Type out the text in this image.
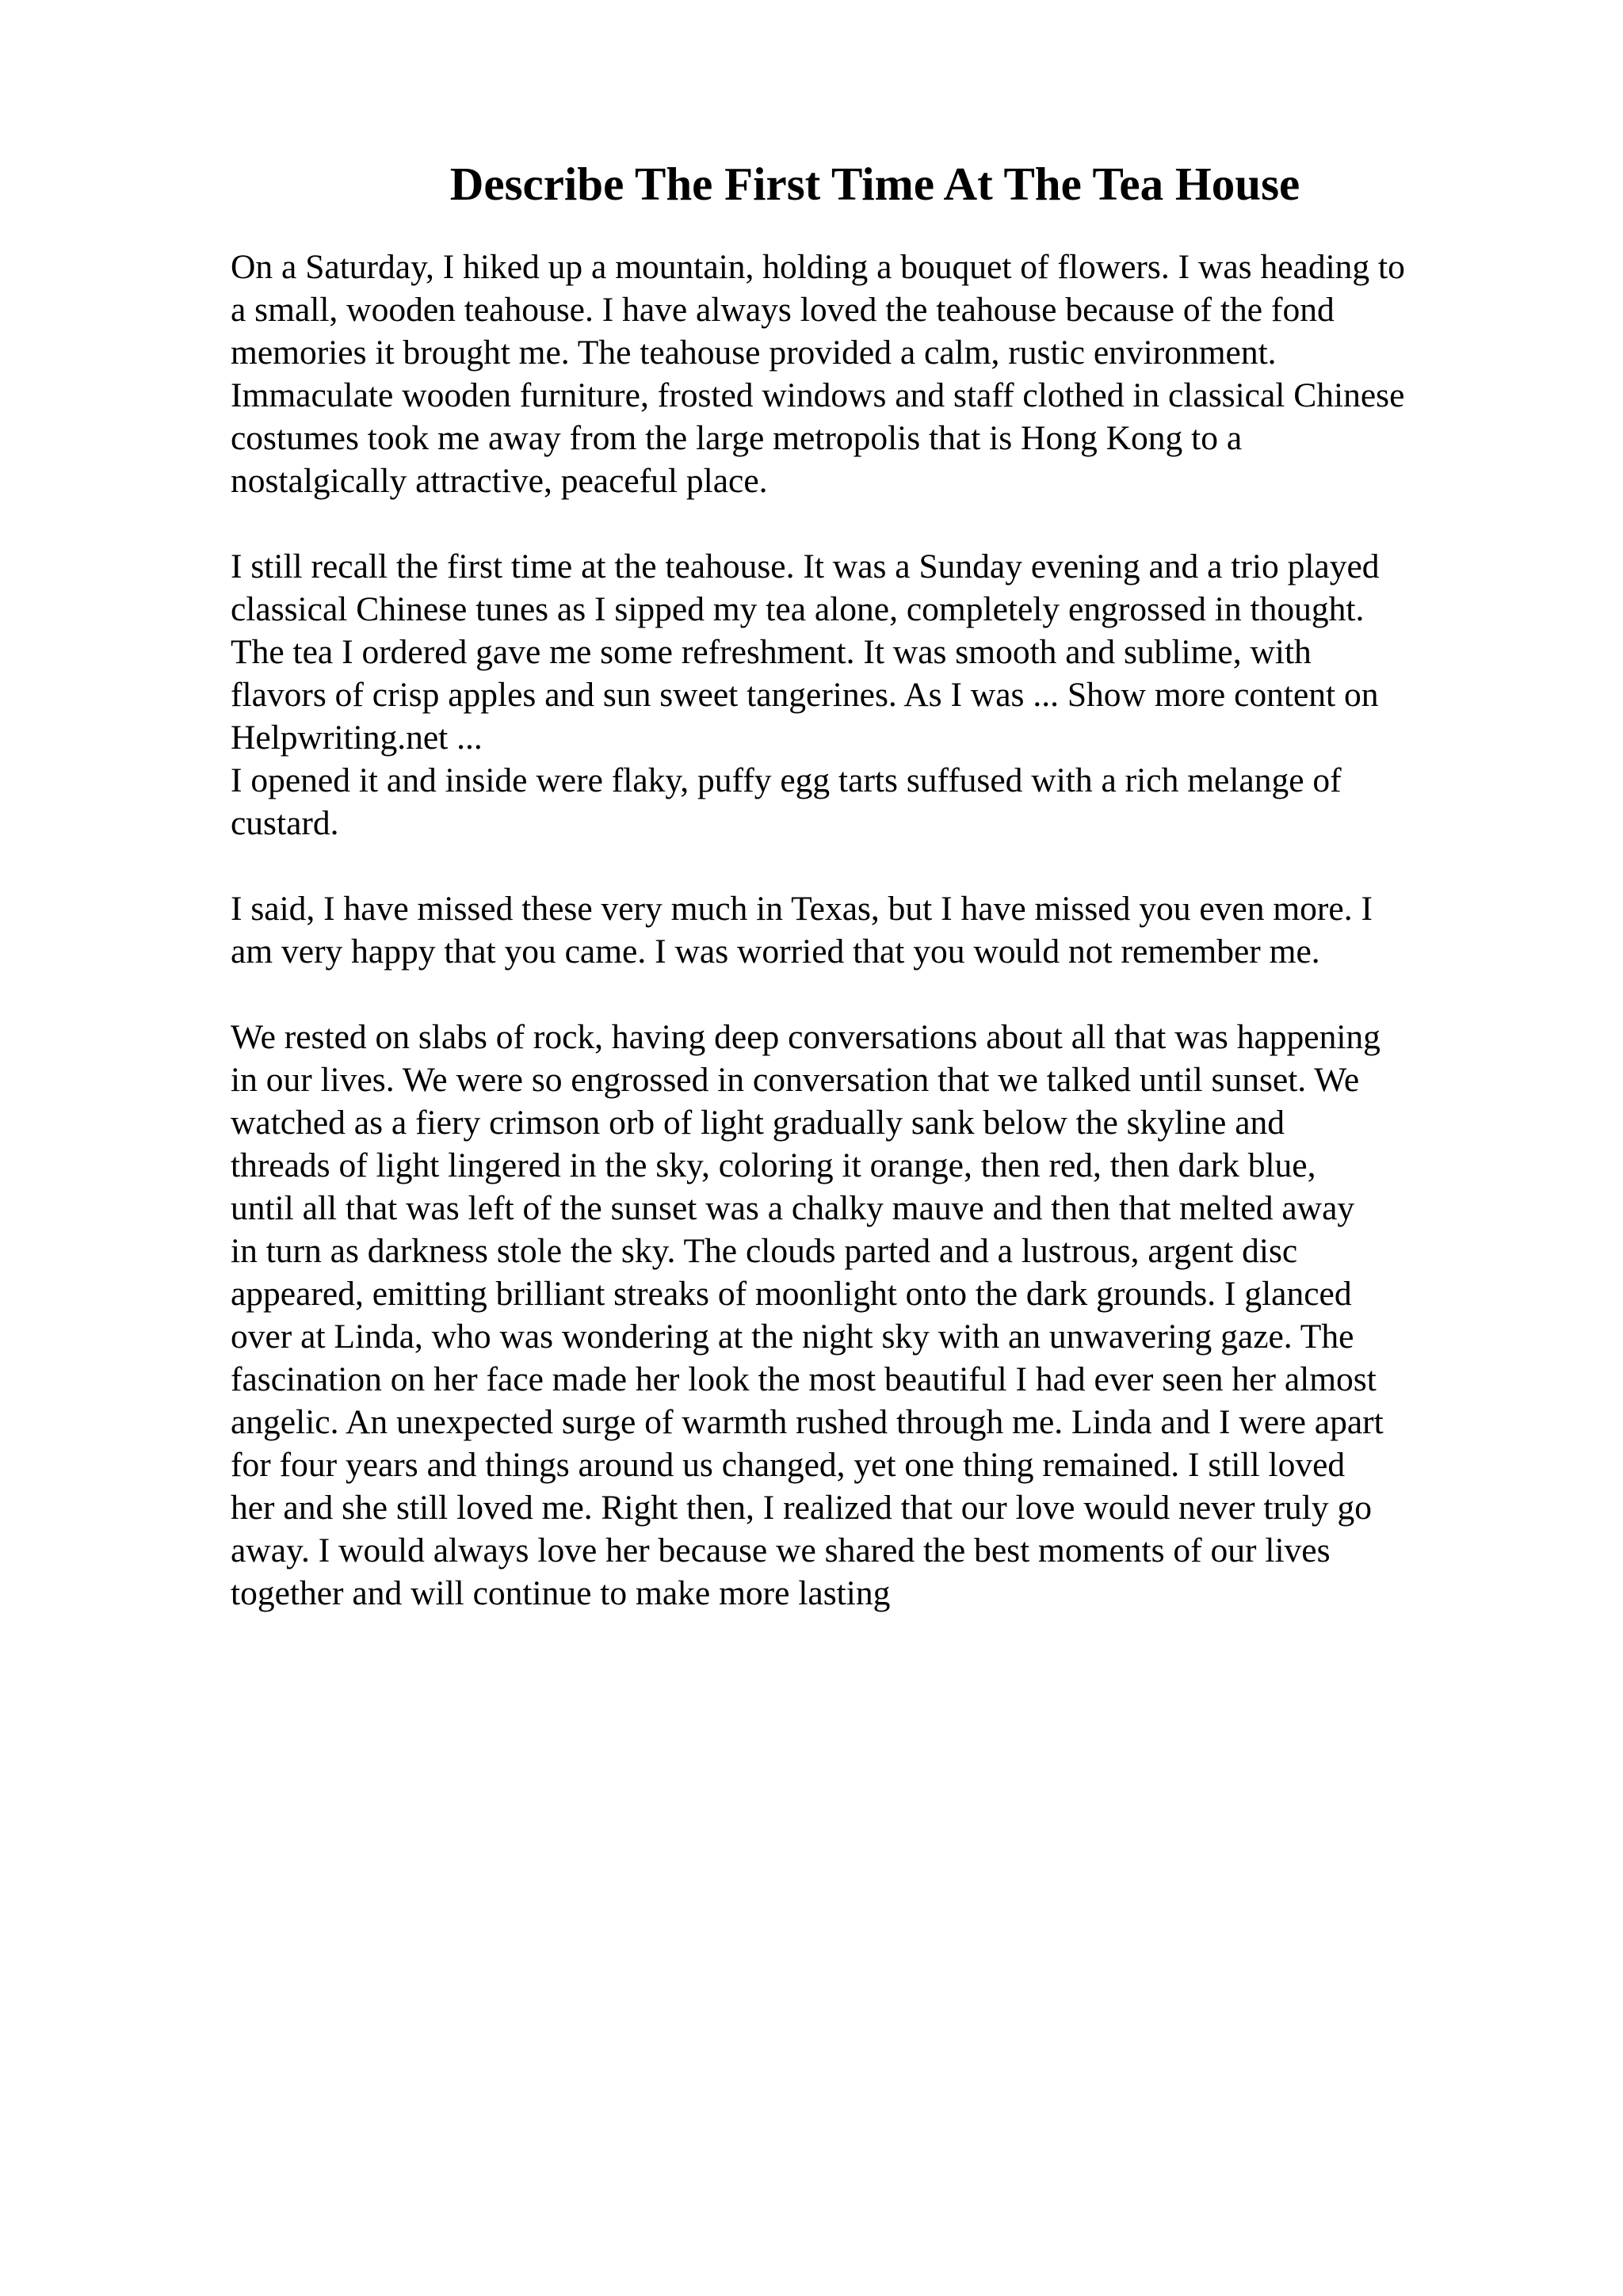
Describe The First Time At The Tea House
On a Saturday, I hiked up a mountain, holding a bouquet of flowers. I was heading to
a small, wooden teahouse. I have always loved the teahouse because of the fond
memories it brought me. The teahouse provided a calm, rustic environment.
Immaculate wooden furniture, frosted windows and staff clothed in classical Chinese
costumes took me away from the large metropolis that is Hong Kong to a
nostalgically attractive, peaceful place.
I still recall the first time at the teahouse. It was a Sunday evening and a trio played
classical Chinese tunes as I sipped my tea alone, completely engrossed in thought.
The tea I ordered gave me some refreshment. It was smooth and sublime, with
flavors of crisp apples and sun sweet tangerines. As I was ... Show more content on
Helpwriting.net ...
I opened it and inside were flaky, puffy egg tarts suffused with a rich melange of
custard.
I said, I have missed these very much in Texas, but I have missed you even more. I
am very happy that you came. I was worried that you would not remember me.
We rested on slabs of rock, having deep conversations about all that was happening
in our lives. We were so engrossed in conversation that we talked until sunset. We
watched as a fiery crimson orb of light gradually sank below the skyline and
threads of light lingered in the sky, coloring it orange, then red, then dark blue,
until all that was left of the sunset was a chalky mauve and then that melted away
in turn as darkness stole the sky. The clouds parted and a lustrous, argent disc
appeared, emitting brilliant streaks of moonlight onto the dark grounds. I glanced
over at Linda, who was wondering at the night sky with an unwavering gaze. The
fascination on her face made her look the most beautiful I had ever seen her almost
angelic. An unexpected surge of warmth rushed through me. Linda and I were apart
for four years and things around us changed, yet one thing remained. I still loved
her and she still loved me. Right then, I realized that our love would never truly go
away. I would always love her because we shared the best moments of our lives
together and will continue to make more lasting
